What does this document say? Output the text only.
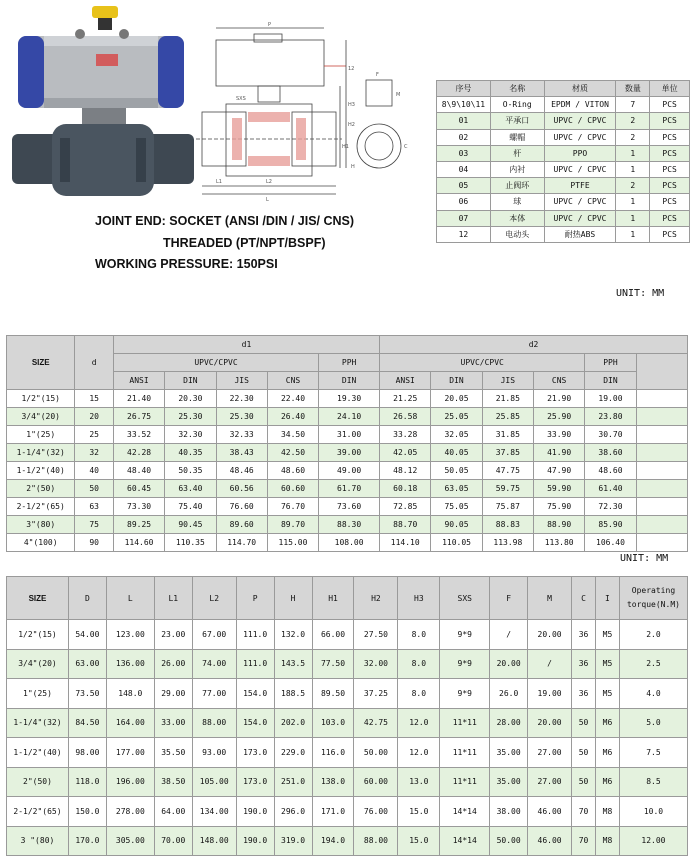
P
SXS
H3
H2
H1
H
L1	L2
L
12
C
F
M
JOINT END: SOCKET (ANSI /DIN / JIS/ CNS)
THREADED (PT/NPT/BSPF)
WORKING PRESSURE: 150PSI
序号	名称	材质	数量	单位
8\9\10\11	O-Ring	EPDM / VITON	7	PCS
01	平承口	UPVC / CPVC	2	PCS
02	螺帽	UPVC / CPVC	2	PCS
03	杆	PPO	1	PCS
04	内衬	UPVC / CPVC	1	PCS
05	止阀环	PTFE	2	PCS
06	球	UPVC / CPVC	1	PCS
07	本体	UPVC / CPVC	1	PCS
12	电动头	耐热ABS	1	PCS
UNIT: MM
SIZE	d	d1					d2					
		UPVC/CPVC				PPH	UPVC/CPVC				PPH	
		ANSI	DIN	JIS	CNS	DIN	ANSI	DIN	JIS	CNS	DIN	
1/2"(15)	15	21.40	20.30	22.30	22.40	19.30	21.25	20.05	21.85	21.90	19.00	
3/4"(20)	20	26.75	25.30	25.30	26.40	24.10	26.58	25.05	25.85	25.90	23.80	
1"(25)	25	33.52	32.30	32.33	34.50	31.00	33.28	32.05	31.85	33.90	30.70	
1-1/4"(32)	32	42.28	40.35	38.43	42.50	39.00	42.05	40.05	37.85	41.90	38.60	
1-1/2"(40)	40	48.40	50.35	48.46	48.60	49.00	48.12	50.05	47.75	47.90	48.60	
2"(50)	50	60.45	63.40	60.56	60.60	61.70	60.18	63.05	59.75	59.90	61.40	
2-1/2"(65)	63	73.30	75.40	76.60	76.70	73.60	72.85	75.05	75.87	75.90	72.30	
3"(80)	75	89.25	90.45	89.60	89.70	88.30	88.70	90.05	88.83	88.90	85.90	
4"(100)	90	114.60	110.35	114.70	115.00	108.00	114.10	110.05	113.98	113.80	106.40	
UNIT: MM
SIZE	D	L	L1	L2	P	H	H1	H2	H3	SXS	F	M	C	I	Operating
torque(N.M)
1/2"(15)	54.00	123.00	23.00	67.00	111.0	132.0	66.00	27.50	8.0	9*9	/	20.00	36	M5	2.0
3/4"(20)	63.00	136.00	26.00	74.00	111.0	143.5	77.50	32.00	8.0	9*9	20.00	/	36	M5	2.5
1"(25)	73.50	148.0	29.00	77.00	154.0	188.5	89.50	37.25	8.0	9*9	26.0	19.00	36	M5	4.0
1-1/4"(32)	84.50	164.00	33.00	88.00	154.0	202.0	103.0	42.75	12.0	11*11	28.00	20.00	50	M6	5.0
1-1/2"(40)	98.00	177.00	35.50	93.00	173.0	229.0	116.0	50.00	12.0	11*11	35.00	27.00	50	M6	7.5
2"(50)	118.0	196.00	38.50	105.00	173.0	251.0	138.0	60.00	13.0	11*11	35.00	27.00	50	M6	8.5
2-1/2"(65)	150.0	278.00	64.00	134.00	190.0	296.0	171.0	76.00	15.0	14*14	38.00	46.00	70	M8	10.0
3 "(80)	170.0	305.00	70.00	148.00	190.0	319.0	194.0	88.00	15.0	14*14	50.00	46.00	70	M8	12.00
